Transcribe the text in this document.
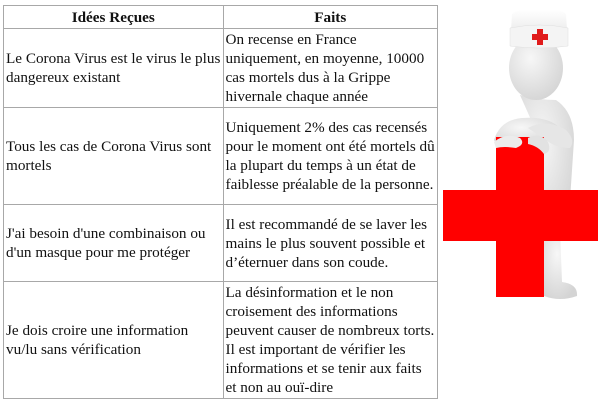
Idées Reçues	Faits
Le Corona Virus est le virus le plus dangereux existant	On recense en France uniquement, en moyenne, 10000 cas mortels dus à la Grippe hivernale chaque année
Tous les cas de Corona Virus sont mortels	Uniquement 2% des cas recensés pour le moment ont été mortels dû la plupart du temps à un état de faiblesse préalable de la personne.
J'ai besoin d'une combinaison ou d'un masque pour me protéger	Il est recommandé de se laver les mains le plus souvent possible et d’éternuer dans son coude.
Je dois croire une information vu/lu sans vérification	La désinformation et le non croisement des informations peuvent causer de nombreux torts. Il est important de vérifier les informations et se tenir aux faits et non au ouï-dire
